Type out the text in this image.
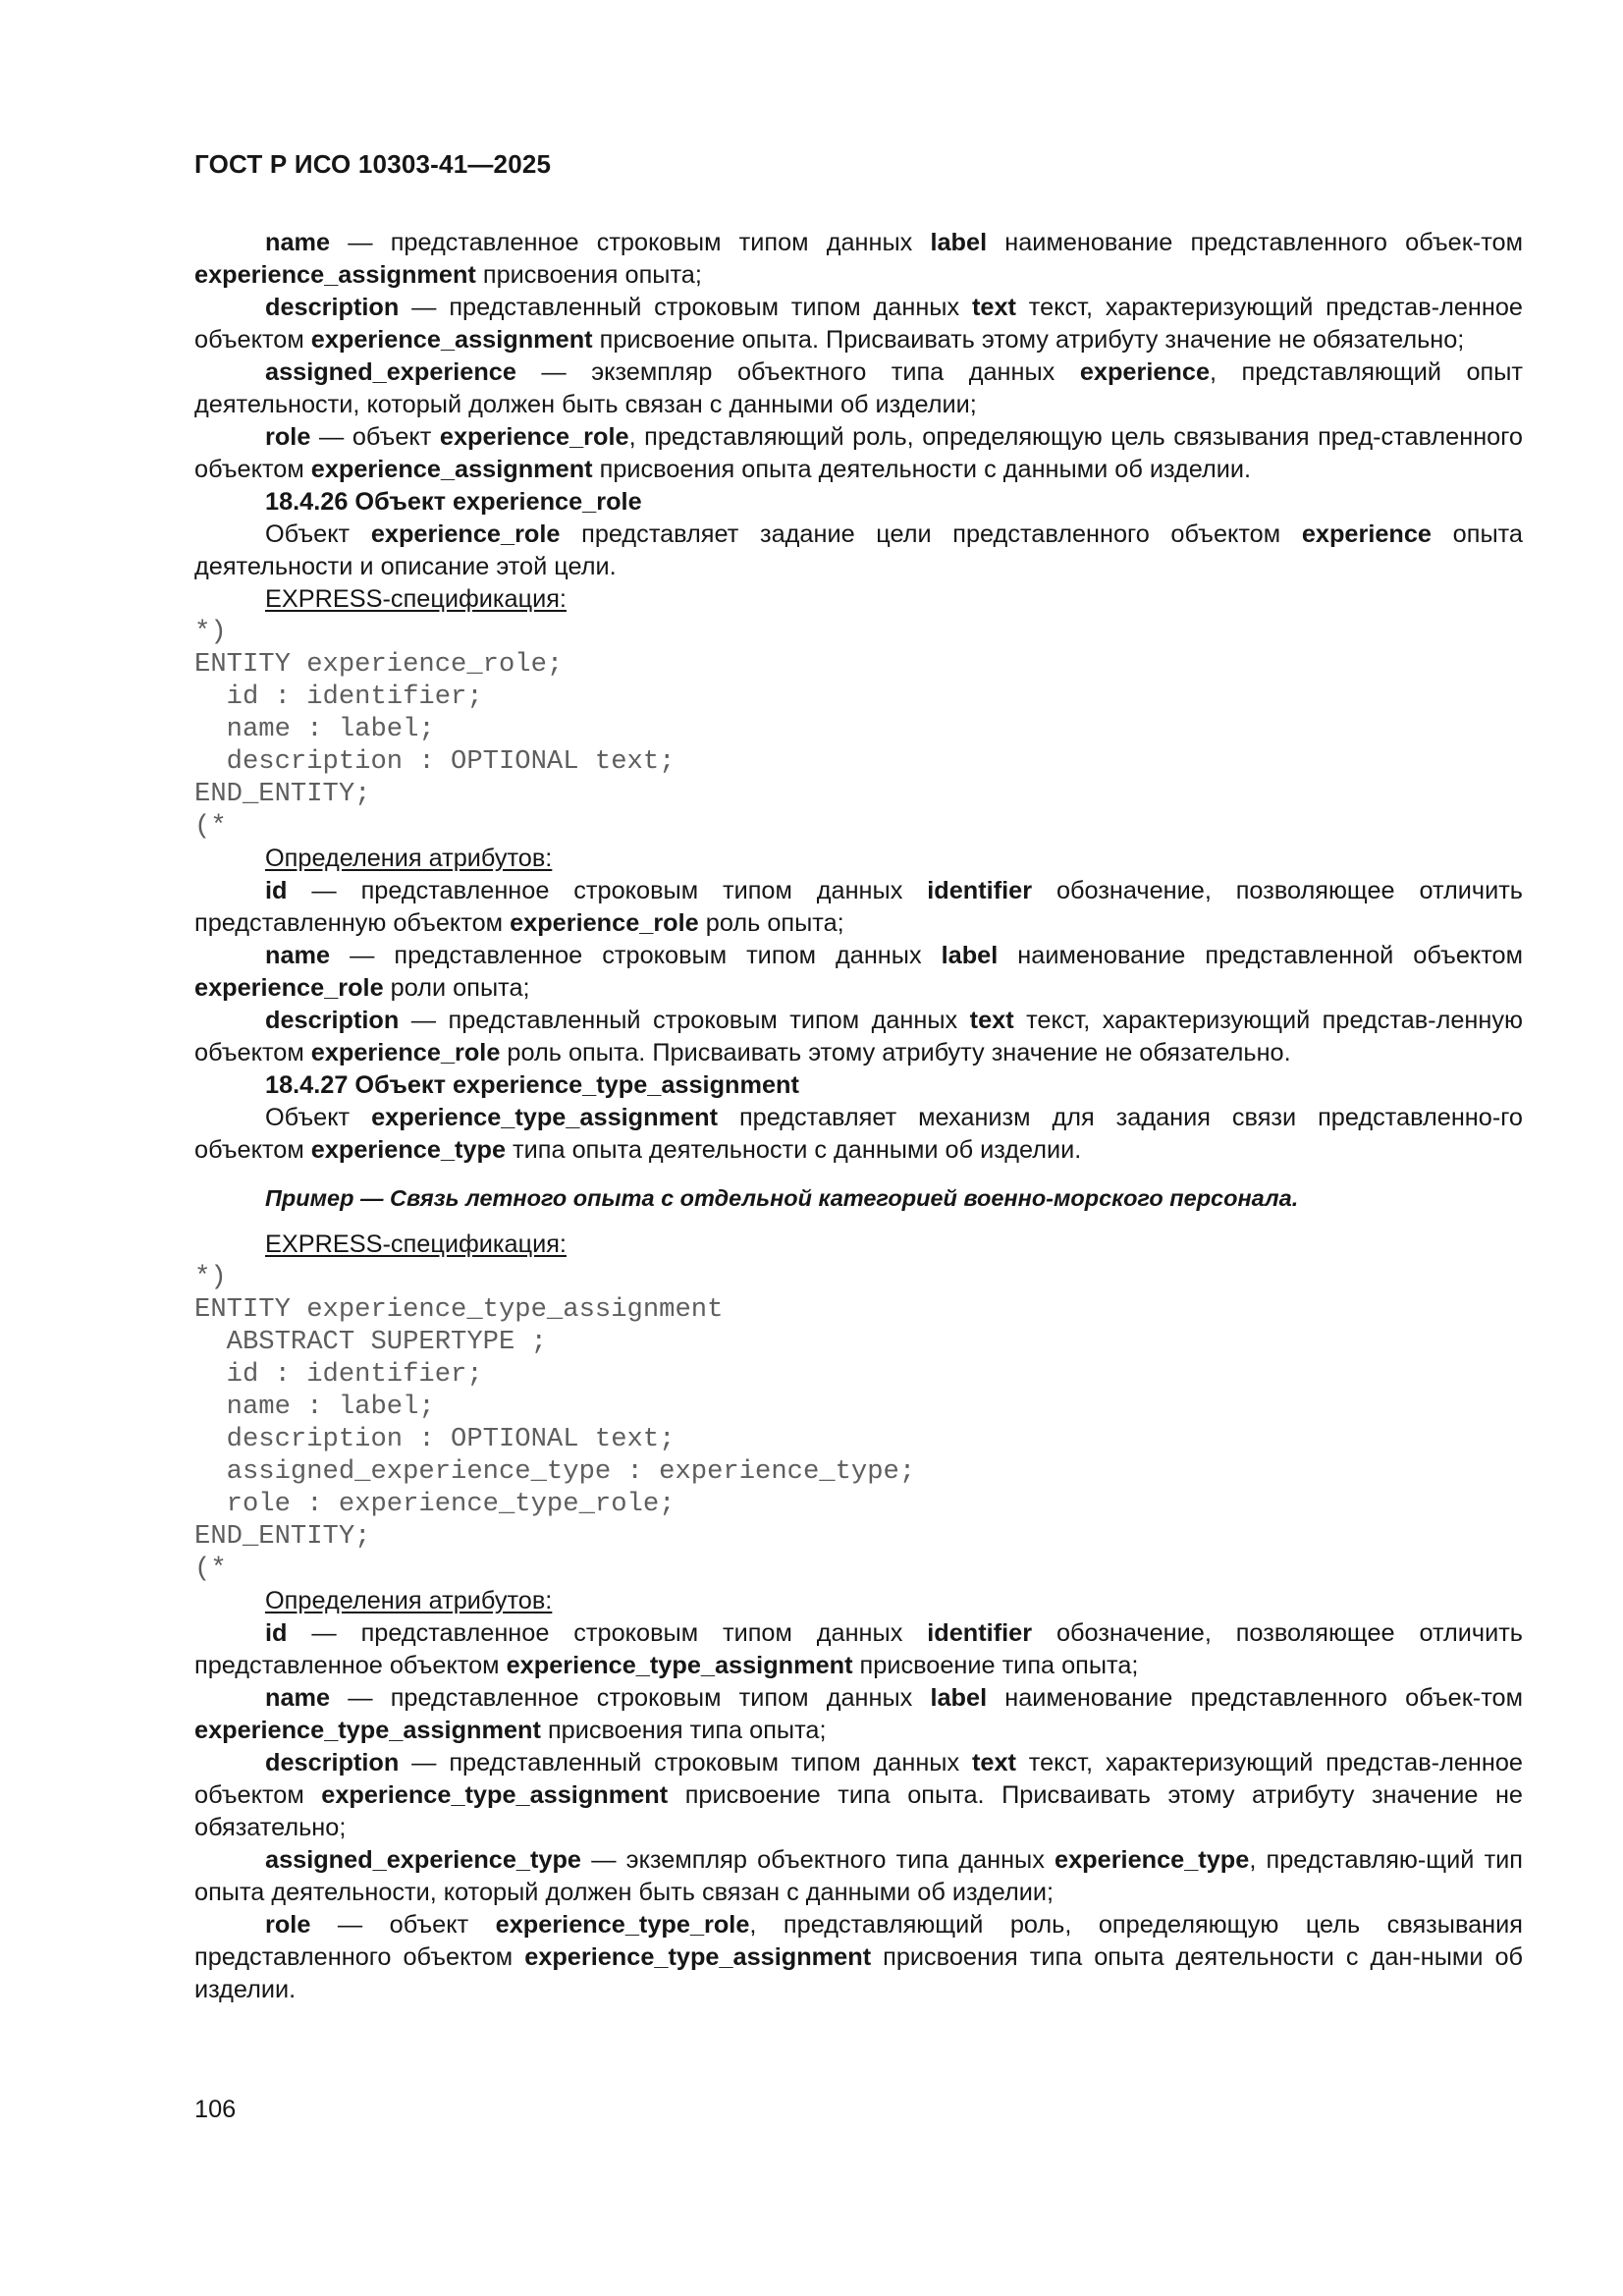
ГОСТ Р ИСО 10303-41—2025

name — представленное строковым типом данных label наименование представленного объек-том experience_assignment присвоения опыта;

description — представленный строковым типом данных text текст, характеризующий представ-ленное объектом experience_assignment присвоение опыта. Присваивать этому атрибуту значение не обязательно;

assigned_experience — экземпляр объектного типа данных experience, представляющий опыт деятельности, который должен быть связан с данными об изделии;

role — объект experience_role, представляющий роль, определяющую цель связывания пред-ставленного объектом experience_assignment присвоения опыта деятельности с данными об изделии.

18.4.26 Объект experience_role

Объект experience_role представляет задание цели представленного объектом experience опыта деятельности и описание этой цели.

EXPRESS-спецификация:

*)
ENTITY experience_role;
id : identifier;
name : label;
description : OPTIONAL text;
END_ENTITY;
(*

Определения атрибутов:

id — представленное строковым типом данных identifier обозначение, позволяющее отличить представленную объектом experience_role роль опыта;

name — представленное строковым типом данных label наименование представленной объектом experience_role роли опыта;

description — представленный строковым типом данных text текст, характеризующий представ-ленную объектом experience_role роль опыта. Присваивать этому атрибуту значение не обязательно.

18.4.27 Объект experience_type_assignment

Объект experience_type_assignment представляет механизм для задания связи представленно-го объектом experience_type типа опыта деятельности с данными об изделии.

Пример — Связь летного опыта с отдельной категорией военно-морского персонала.

EXPRESS-спецификация:

*)
ENTITY experience_type_assignment
ABSTRACT SUPERTYPE ;
id : identifier;
name : label;
description : OPTIONAL text;
assigned_experience_type : experience_type;
role : experience_type_role;
END_ENTITY;
(*

Определения атрибутов:

id — представленное строковым типом данных identifier обозначение, позволяющее отличить представленное объектом experience_type_assignment присвоение типа опыта;

name — представленное строковым типом данных label наименование представленного объек-том experience_type_assignment присвоения типа опыта;

description — представленный строковым типом данных text текст, характеризующий представ-ленное объектом experience_type_assignment присвоение типа опыта. Присваивать этому атрибуту значение не обязательно;

assigned_experience_type — экземпляр объектного типа данных experience_type, представляю-щий тип опыта деятельности, который должен быть связан с данными об изделии;

role — объект experience_type_role, представляющий роль, определяющую цель связывания представленного объектом experience_type_assignment присвоения типа опыта деятельности с дан-ными об изделии.

106
